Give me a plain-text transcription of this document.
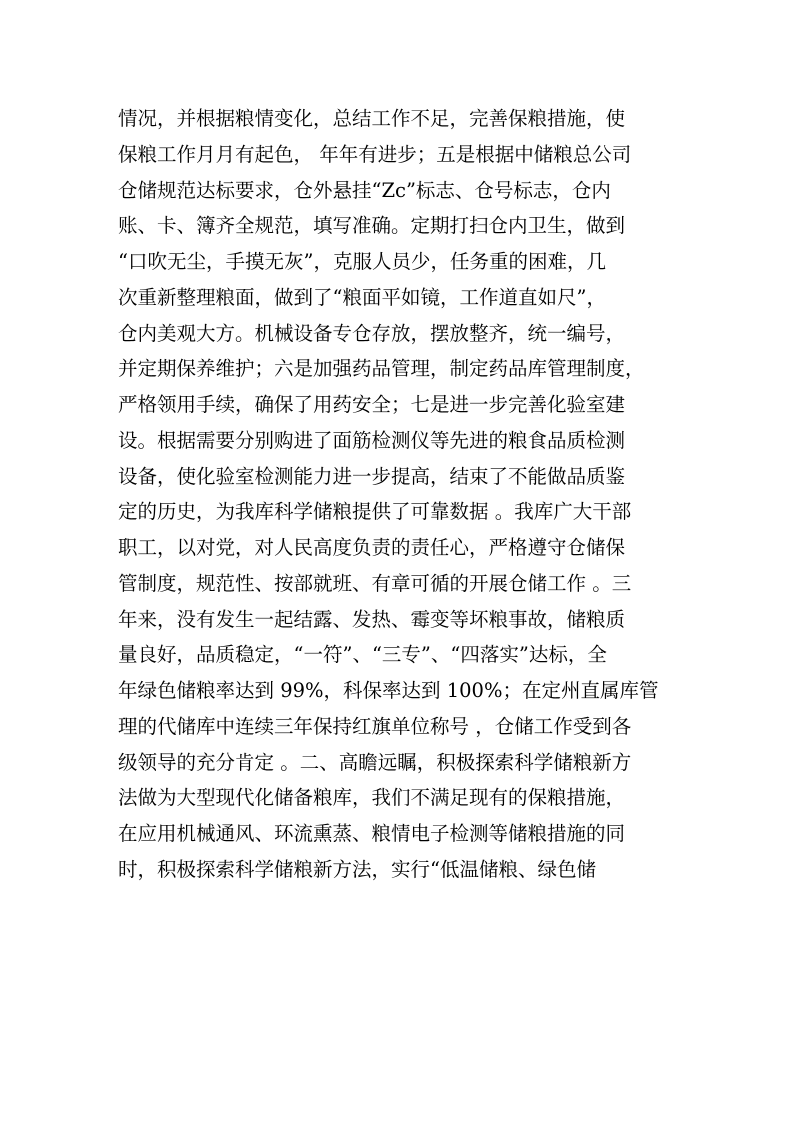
情况，并根据粮情变化，总结工作不足，完善保粮措施，使
保粮工作月月有起色， 年年有进步；五是根据中储粮总公司
仓储规范达标要求，仓外悬挂“Zc”标志、仓号标志，仓内
账、卡、簿齐全规范，填写准确。定期打扫仓内卫生，做到
“口吹无尘，手摸无灰”，克服人员少，任务重的困难，几
次重新整理粮面，做到了“粮面平如镜，工作道直如尺”，
仓内美观大方。机械设备专仓存放，摆放整齐，统一编号，
并定期保养维护；六是加强药品管理，制定药品库管理制度，
严格领用手续，确保了用药安全；七是进一步完善化验室建
设。根据需要分别购进了面筋检测仪等先进的粮食品质检测
设备，使化验室检测能力进一步提高，结束了不能做品质鉴
定的历史，为我库科学储粮提供了可靠数据 。我库广大干部
职工，以对党，对人民高度负责的责任心，严格遵守仓储保
管制度，规范性、按部就班、有章可循的开展仓储工作 。三
年来，没有发生一起结露、发热、霉变等坏粮事故，储粮质
量良好，品质稳定，“一符”、“三专”、“四落实”达标，全
年绿色储粮率达到 99%，科保率达到 100%；在定州直属库管
理的代储库中连续三年保持红旗单位称号 ，仓储工作受到各
级领导的充分肯定 。二、高瞻远瞩，积极探索科学储粮新方
法做为大型现代化储备粮库，我们不满足现有的保粮措施，
在应用机械通风、环流熏蒸、粮情电子检测等储粮措施的同
时，积极探索科学储粮新方法，实行“低温储粮、绿色储
